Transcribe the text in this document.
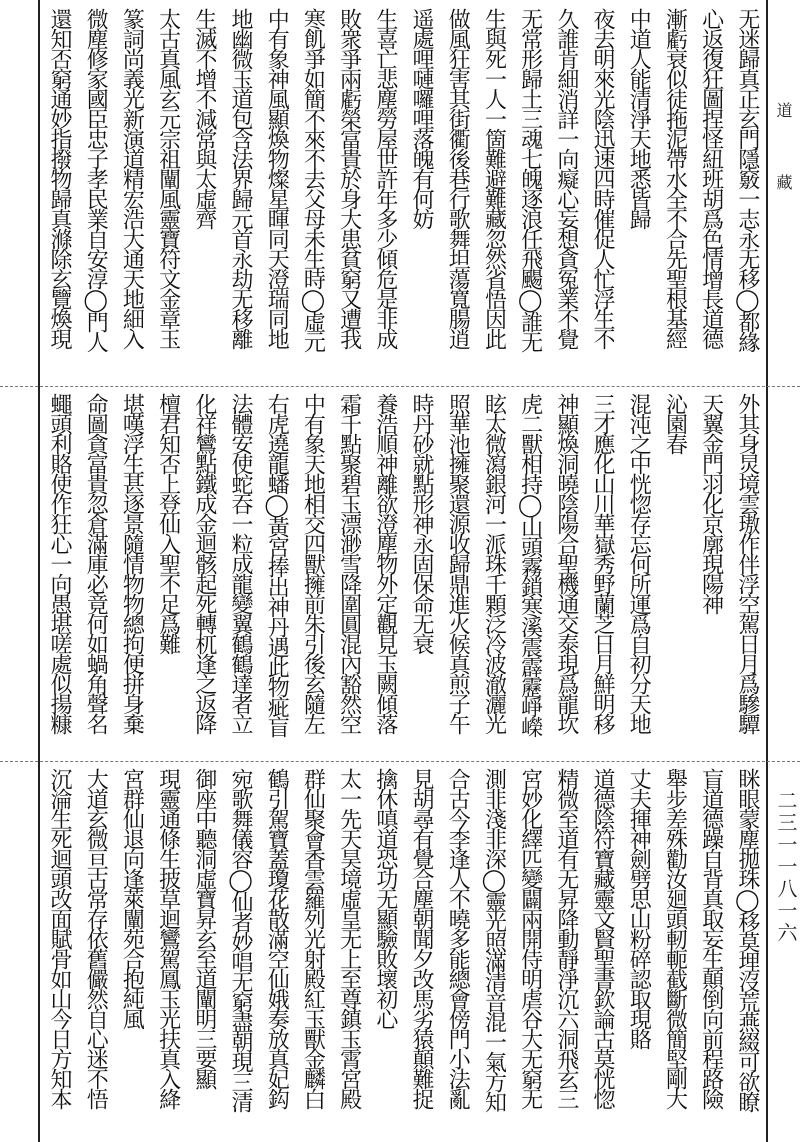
道
藏
二三一一八一六
无迷歸真正玄門隱竅一志永无移◯都緣
心返復狂圖捏怪紐班胡爲色情增長道德
漸虧衰似徒拖泥帶水全不合先聖根基經
中道人能清淨天地悉皆歸
夜去明來光陰迅速四時催促人忙浮生不
久誰肯細消詳一向癡心妄想貪冤業不覺
无常形歸土三魂七魄逐浪任飛颺◯誰无
生與死一人一箇難避難藏忽然省悟因此
做風狂害其街衢後巷行歌舞坦蕩寬腸逍
遥處哩嗹囉哩落魄有何妨
生喜亡悲塵勞屋世許年多少傾危是非成
敗衆爭兩虧榮富貴於身大患貧窮又遭我
寒飢爭如簡不來不去父母未生時◯虛元
中有象神風顯煥物燦星暉同天澄瑞同地
地幽微玉道包含法界歸元首永劫无移離
生滅不增不減常與太虛齊
太古真風玄元宗祖闡風靈寶符文金章玉
篆詞尚義光新演道精宏浩大通天地細入
微塵修家國臣忠子孝民業自安淳◯門人
還知否窮通妙指撥物歸真滌除玄覽煥現
外其身炅境雲璈作伴浮空駕日月爲驂驔
天翼金門羽化京廓現陽神
沁園春
混沌之中恍惚存忘何所運爲自初分天地
三才應化山川華嶽秀野蘭芝日月鮮明移
神顯煥洞曉陰陽合聖機通交泰現爲龍坎
虎二獸相持◯山頭霧鎖寒溪震霹靂崢嶸
眩太微瀉銀河一派珠千顆泛冷波澈灑光
照華池擁聚還源收歸鼎進火候真煎子午
時丹砂就點形神永固保命无衰
養浩順神離欲澄塵物外定觀見玉闕傾落
霜千點聚碧玉漂渺雪降圍圓混內豁然空
中有象天地相交四獸擁前朱引後玄隨左
右虎遶龍蟠◯黃宮捧出神丹遇此物疵盲
法體安使蛇吞一粒成龍變翼鶴鶴達者立
化祥鸞點鐵成金迴骸起死轉杌逢之返降
檀君知否上登仙入聖不足爲難
堪嘆浮生甚逐景隨情物物總拘便拼身棄
命圖貪富貴忽倉滿庫必竟何如蝸角聲名
蠅頭利賂使作狂心一向愚堪嗟處似揚糠
眯眼蒙塵拋珠◯移莫埋沒荒燕綴可欲瞭
盲道德躁自背真取妄生顛倒向前程路險
舉步差殊勸汝廻頭軔軛截斷微簡堅剛大
丈夫揮神劍劈思山粉碎認取現賂
道德陰符寶藏靈文賢聖書欽論古莫恍惚
精微至道有无昇降動靜淨沉六洞飛玄三
宮妙化繹匹變闢兩開侍明虐谷大无窮无
測非淺非深◯靈光照滿清音混一氣方知
合古今李逢人不曉多能總會傍門小法亂
見胡尋有覺合塵朝聞夕改馬劣猿顛難捉
擒休嗔道恐功无顯驗敗壞初心
太一先天昊境虛皇无上至尊鎮玉霄宮殿
群仙聚會香雲羅列光射殿紅玉獸金麟白
鶴引駕寶蓋瓊花散滿空仙娥奏放真妃鈎
宛歌舞儀容◯仙者妙唱无窮盡朝現三清
御座中聽洞虛寶昇玄至道闡明三要顯
現靈通條生披草迴鸞駕鳳玉光扶真入絳
宮群仙退向逢萊闡苑合抱純風
大道玄微亘古常存依舊儼然自心迷不悟
沉淪生死迴頭改面賦骨如山今日方知本
